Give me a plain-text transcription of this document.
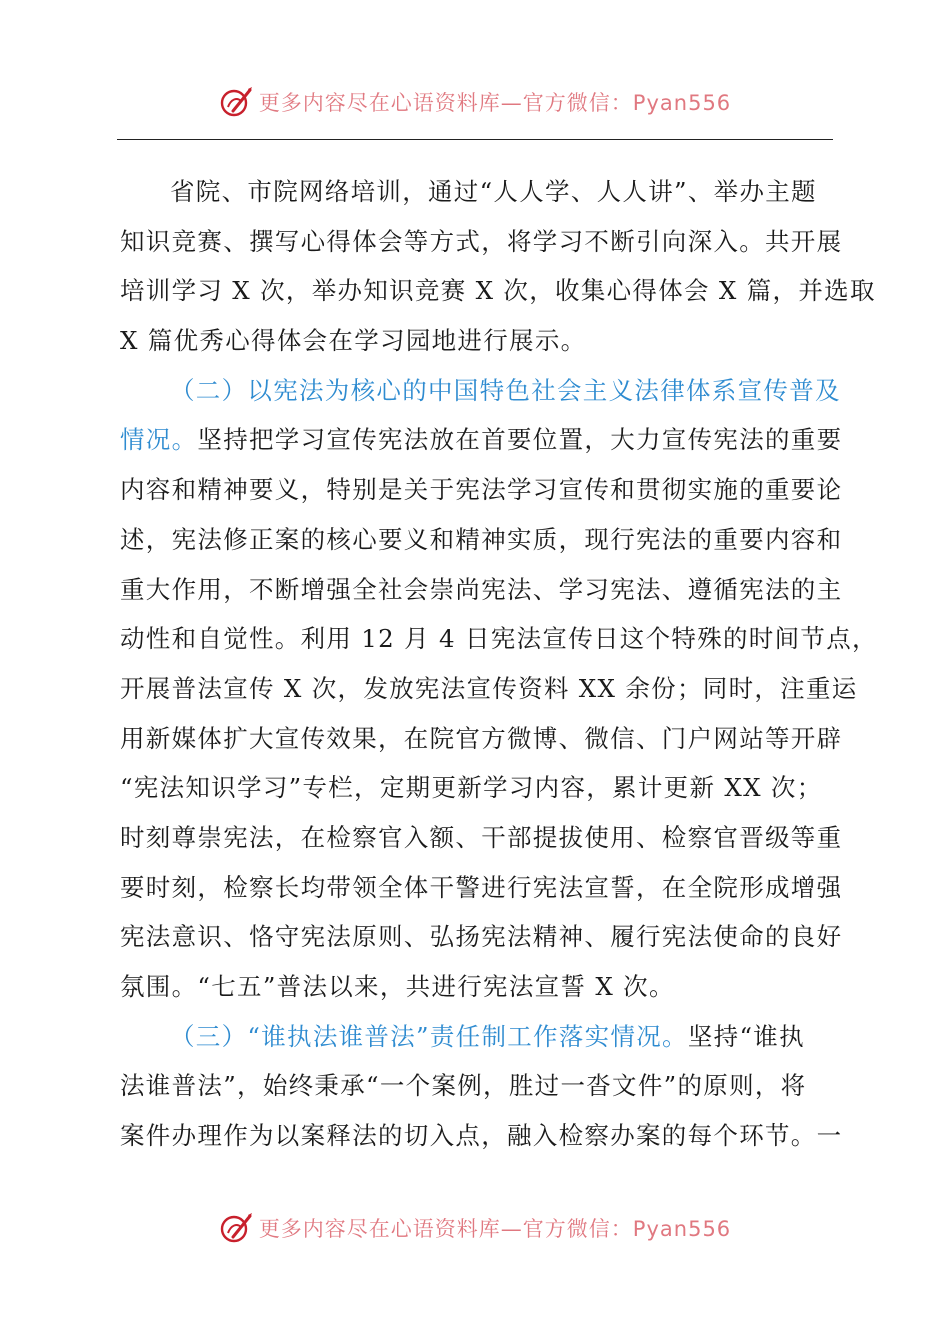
更多内容尽在心语资料库—官方微信：Pyan556
省院、市院网络培训，通过“人人学、人人讲”、举办主题
知识竞赛、撰写心得体会等方式，将学习不断引向深入。共开展
培训学习 X 次，举办知识竞赛 X 次，收集心得体会 X 篇，并选取
X 篇优秀心得体会在学习园地进行展示。
（二）以宪法为核心的中国特色社会主义法律体系宣传普及
情况。坚持把学习宣传宪法放在首要位置，大力宣传宪法的重要
内容和精神要义，特别是关于宪法学习宣传和贯彻实施的重要论
述，宪法修正案的核心要义和精神实质，现行宪法的重要内容和
重大作用，不断增强全社会崇尚宪法、学习宪法、遵循宪法的主
动性和自觉性。利用 12 月 4 日宪法宣传日这个特殊的时间节点，
开展普法宣传 X 次，发放宪法宣传资料 XX 余份；同时，注重运
用新媒体扩大宣传效果，在院官方微博、微信、门户网站等开辟
“宪法知识学习”专栏，定期更新学习内容，累计更新 XX 次；
时刻尊崇宪法，在检察官入额、干部提拔使用、检察官晋级等重
要时刻，检察长均带领全体干警进行宪法宣誓，在全院形成增强
宪法意识、恪守宪法原则、弘扬宪法精神、履行宪法使命的良好
氛围。“七五”普法以来，共进行宪法宣誓 X 次。
（三）“谁执法谁普法”责任制工作落实情况。坚持“谁执
法谁普法”，始终秉承“一个案例，胜过一沓文件”的原则，将
案件办理作为以案释法的切入点，融入检察办案的每个环节。一
更多内容尽在心语资料库—官方微信：Pyan556
